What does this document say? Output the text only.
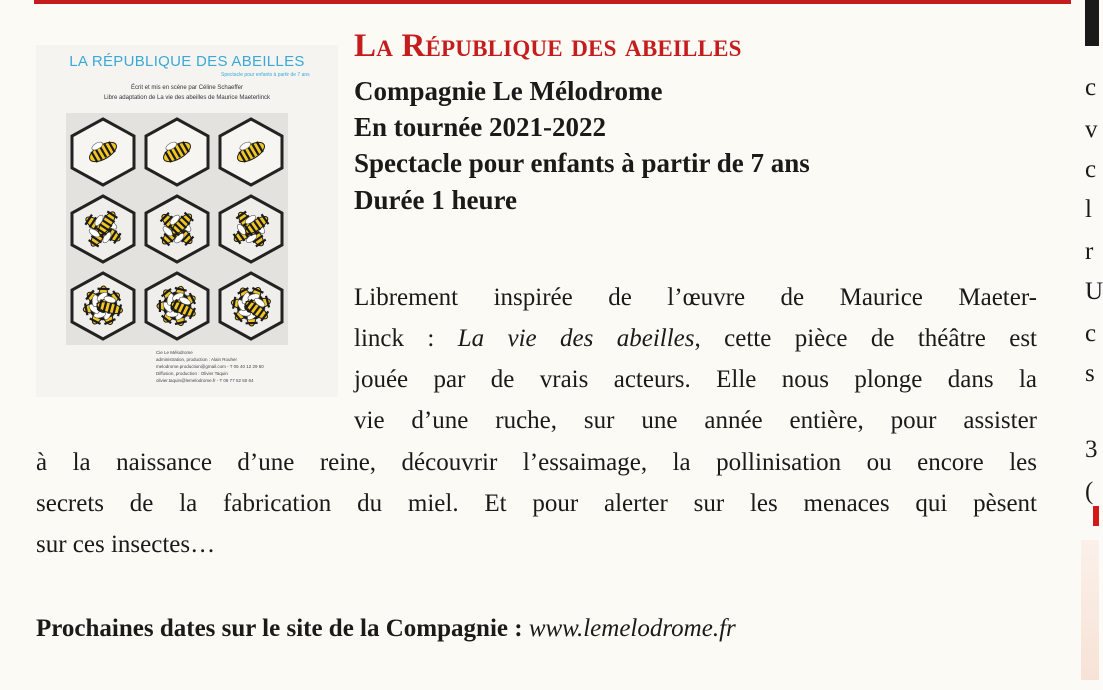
LA RÉPUBLIQUE DES ABEILLES
Spectacle pour enfants à partir de 7 ans
Écrit et mis en scène par Céline Schaeffer
Libre adaptation de La vie des abeilles de Maurice Maeterlinck
Cie Le Mélodrome
administration, production : Alain Rouher
melodrome.production@gmail.com - T 06 40 12 29 60
Diffusion, production : Olivier Taquin
olivier.taquin@lemelodrome.fr - T 06 77 52 50 64
La République des abeilles
Compagnie Le Mélodrome
En tournée 2021-2022
Spectacle pour enfants à partir de 7 ans
Durée 1 heure
Librement inspirée de l’œuvre de Maurice Maeter-
linck : La vie des abeilles, cette pièce de théâtre est
jouée par de vrais acteurs. Elle nous plonge dans la
vie d’une ruche, sur une année entière, pour assister
à la naissance d’une reine, découvrir l’essaimage, la pollinisation ou encore les
secrets de la fabrication du miel. Et pour alerter sur les menaces qui pèsent
sur ces insectes…
Prochaines dates sur le site de la Compagnie : www.lemelodrome.fr
c
v
c
l
r
U
c
s
3
(
